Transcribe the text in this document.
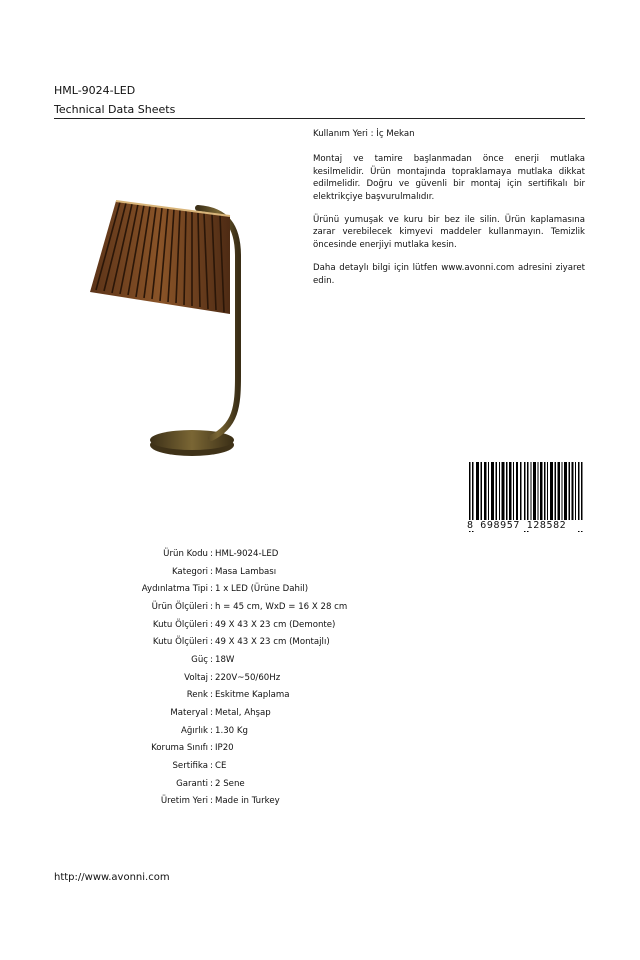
HML-9024-LED
Technical Data Sheets

Kullanım Yeri : İç Mekan

Montaj ve tamire başlanmadan önce enerji mutlaka kesilmelidir. Ürün montajında topraklamaya mutlaka dikkat edilmelidir. Doğru ve güvenli bir montaj için sertifikalı bir elektrikçiye başvurulmalıdır.

Ürünü yumuşak ve kuru bir bez ile silin. Ürün kaplamasına zarar verebilecek kimyevi maddeler kullanmayın. Temizlik öncesinde enerjiyi mutlaka kesin.

Daha detaylı bilgi için lütfen www.avonni.com adresini ziyaret edin.

8 698957 128582
Ürün Kodu : HML-9024-LED
Kategori : Masa Lambası
Aydınlatma Tipi : 1 x LED (Ürüne Dahil)
Ürün Ölçüleri : h = 45 cm, WxD = 16 X 28 cm
Kutu Ölçüleri : 49 X 43 X 23 cm (Demonte)
Kutu Ölçüleri : 49 X 43 X 23 cm (Montajlı)
Güç : 18W
Voltaj : 220V~50/60Hz
Renk : Eskitme Kaplama
Materyal : Metal, Ahşap
Ağırlık : 1.30 Kg
Koruma Sınıfı : IP20
Sertifika : CE
Garanti : 2 Sene
Üretim Yeri : Made in Turkey
http://www.avonni.com
